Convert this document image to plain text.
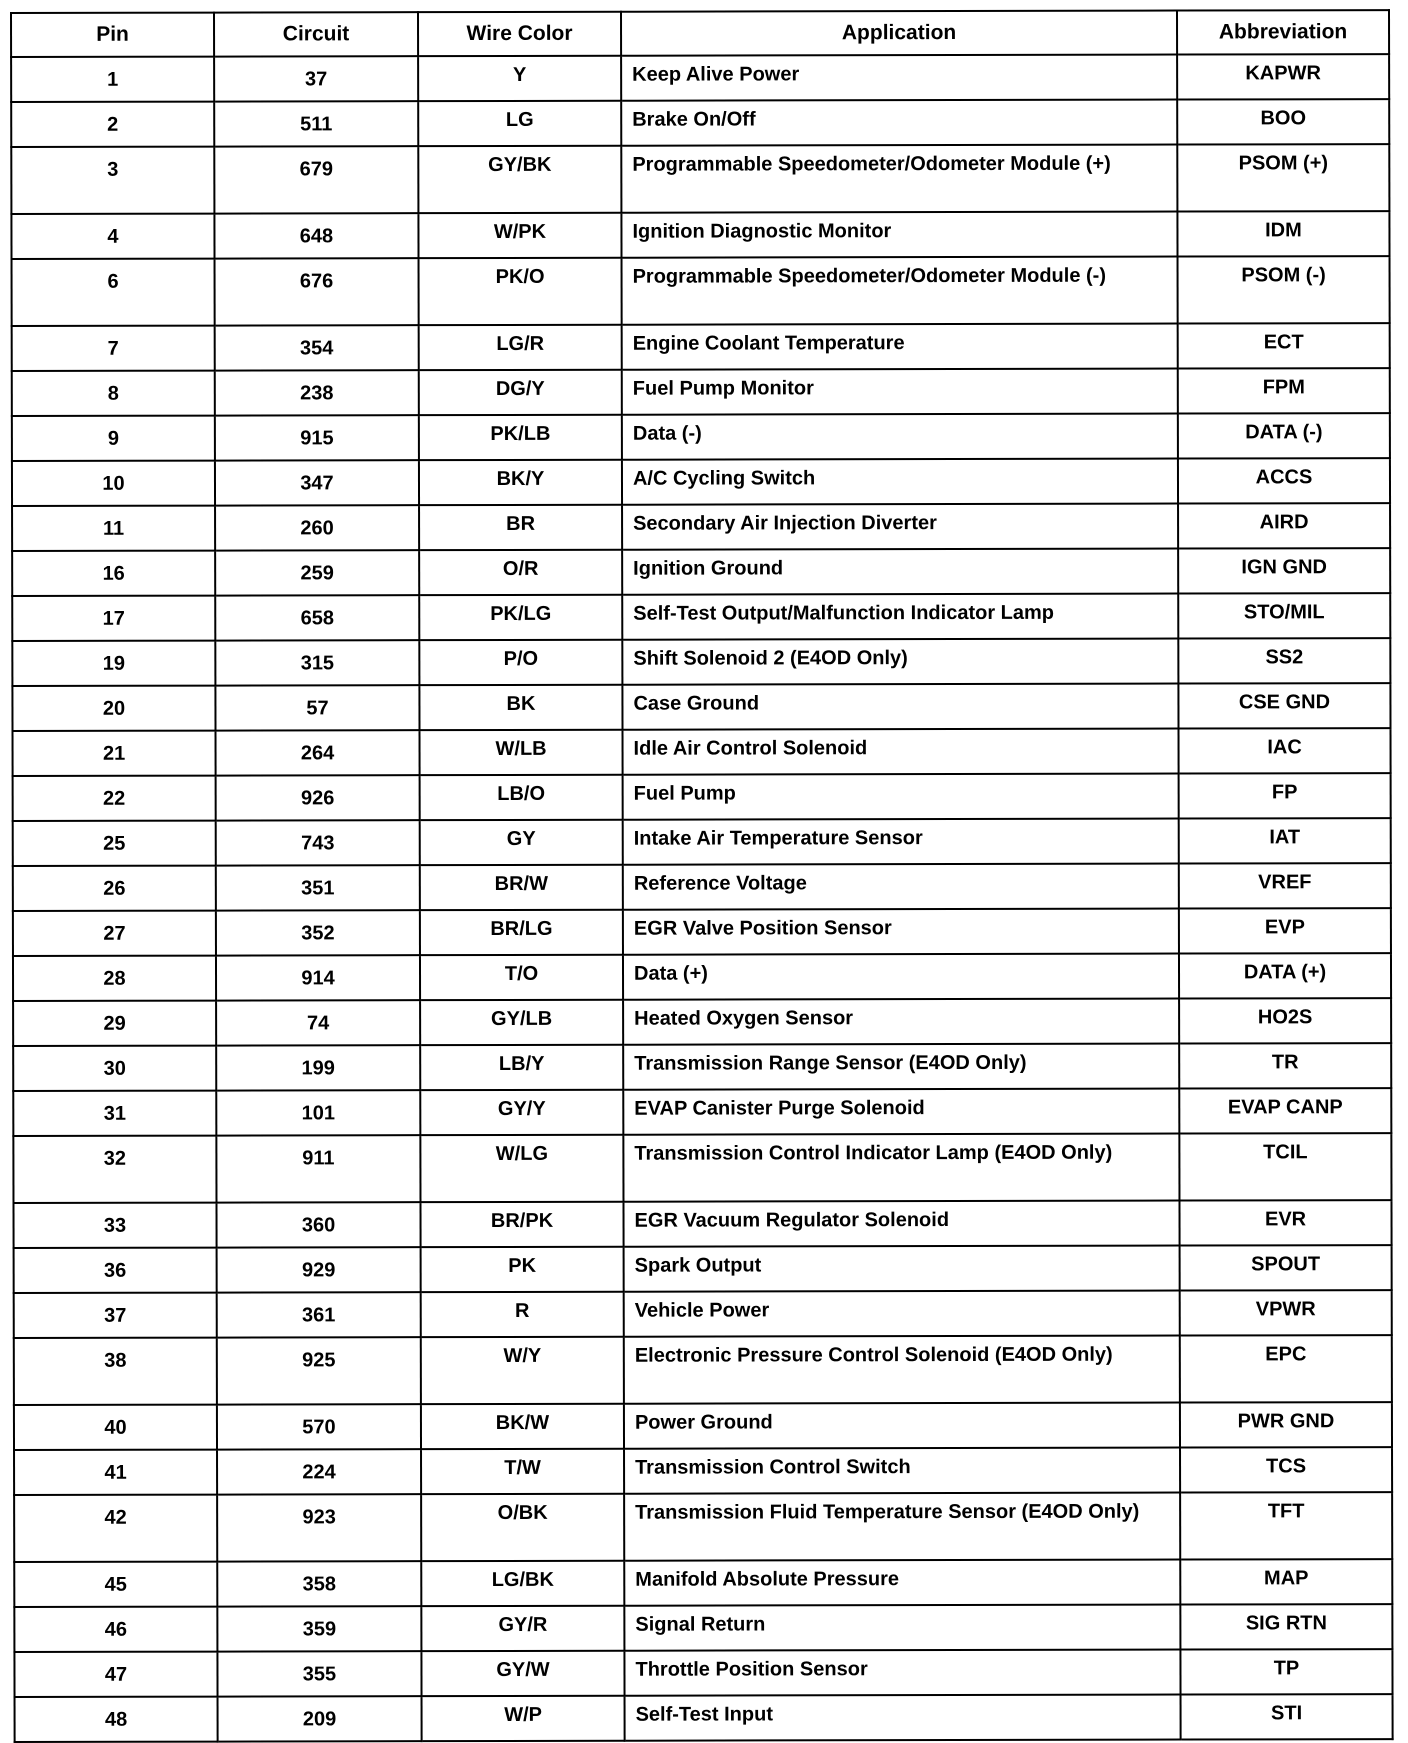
Pin	Circuit	Wire Color	Application	Abbreviation
1	37	Y	Keep Alive Power	KAPWR
2	511	LG	Brake On/Off	BOO
3	679	GY/BK	Programmable Speedometer/Odometer Module (+)	PSOM (+)
4	648	W/PK	Ignition Diagnostic Monitor	IDM
6	676	PK/O	Programmable Speedometer/Odometer Module (-)	PSOM (-)
7	354	LG/R	Engine Coolant Temperature	ECT
8	238	DG/Y	Fuel Pump Monitor	FPM
9	915	PK/LB	Data (-)	DATA (-)
10	347	BK/Y	A/C Cycling Switch	ACCS
11	260	BR	Secondary Air Injection Diverter	AIRD
16	259	O/R	Ignition Ground	IGN GND
17	658	PK/LG	Self-Test Output/Malfunction Indicator Lamp	STO/MIL
19	315	P/O	Shift Solenoid 2 (E4OD Only)	SS2
20	57	BK	Case Ground	CSE GND
21	264	W/LB	Idle Air Control Solenoid	IAC
22	926	LB/O	Fuel Pump	FP
25	743	GY	Intake Air Temperature Sensor	IAT
26	351	BR/W	Reference Voltage	VREF
27	352	BR/LG	EGR Valve Position Sensor	EVP
28	914	T/O	Data (+)	DATA (+)
29	74	GY/LB	Heated Oxygen Sensor	HO2S
30	199	LB/Y	Transmission Range Sensor (E4OD Only)	TR
31	101	GY/Y	EVAP Canister Purge Solenoid	EVAP CANP
32	911	W/LG	Transmission Control Indicator Lamp (E4OD Only)	TCIL
33	360	BR/PK	EGR Vacuum Regulator Solenoid	EVR
36	929	PK	Spark Output	SPOUT
37	361	R	Vehicle Power	VPWR
38	925	W/Y	Electronic Pressure Control Solenoid (E4OD Only)	EPC
40	570	BK/W	Power Ground	PWR GND
41	224	T/W	Transmission Control Switch	TCS
42	923	O/BK	Transmission Fluid Temperature Sensor (E4OD Only)	TFT
45	358	LG/BK	Manifold Absolute Pressure	MAP
46	359	GY/R	Signal Return	SIG RTN
47	355	GY/W	Throttle Position Sensor	TP
48	209	W/P	Self-Test Input	STI
